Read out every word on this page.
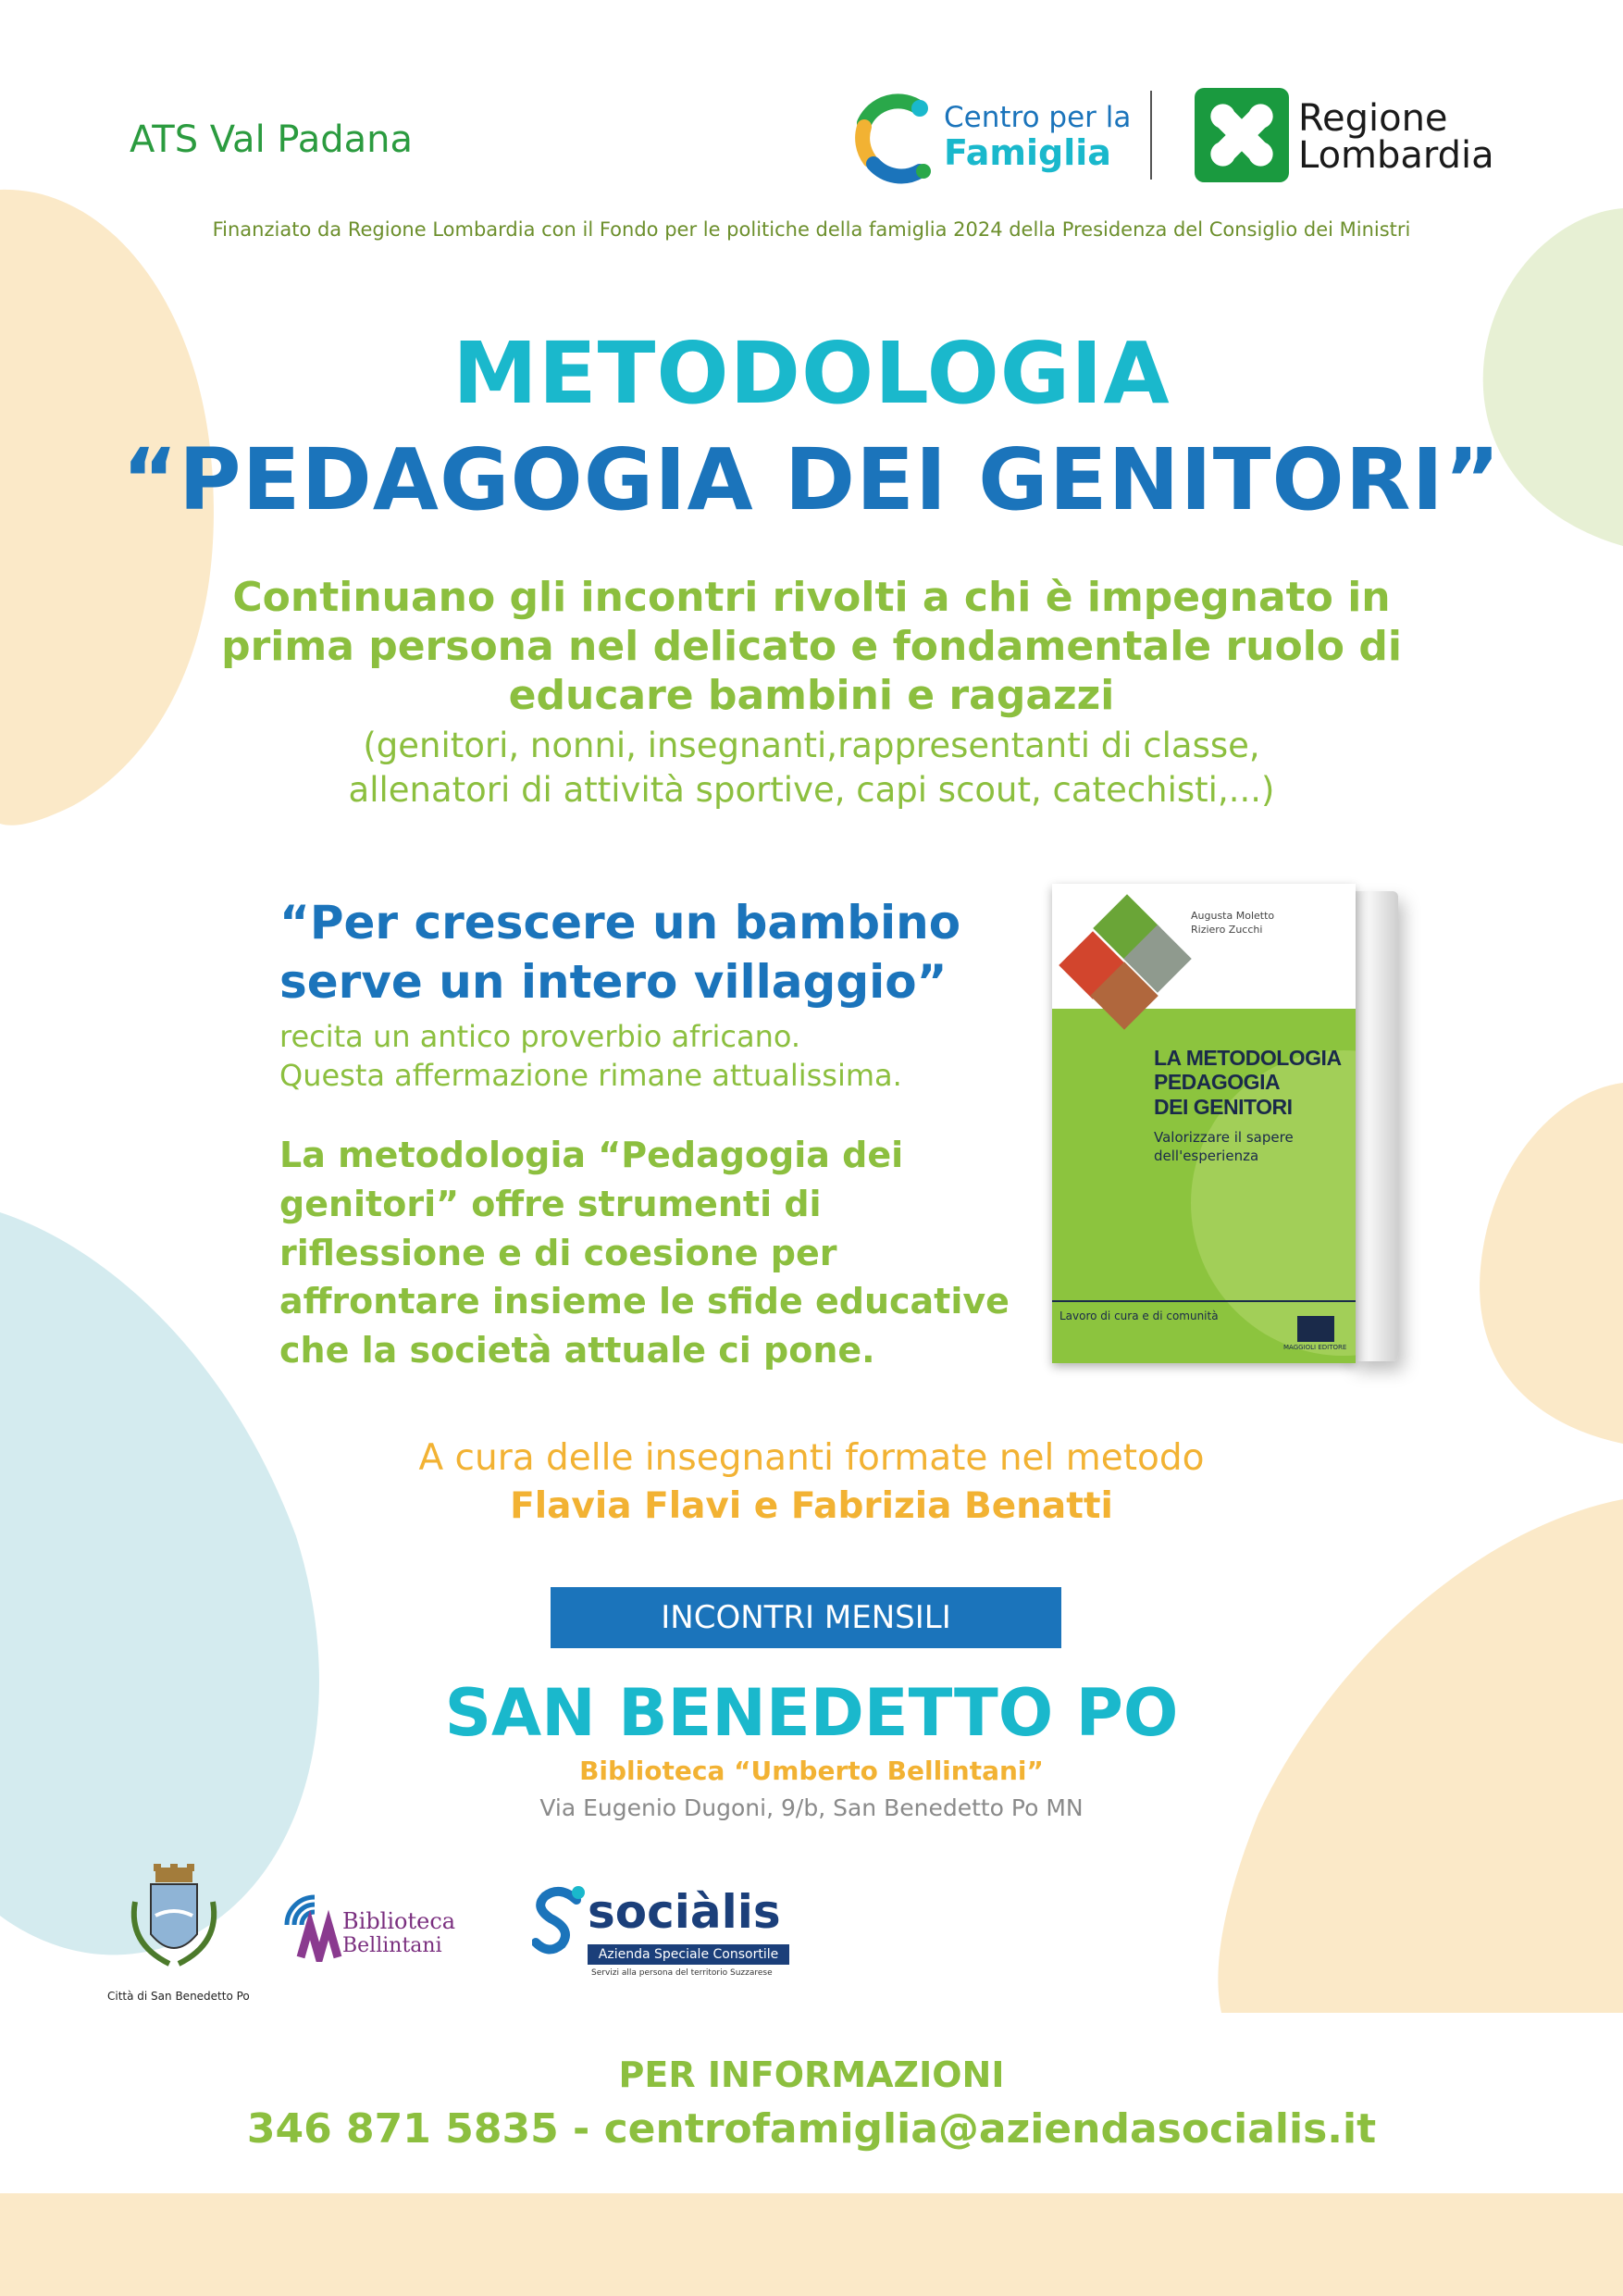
ATS Val Padana
Centro per la
Famiglia
Regione
Lombardia
Finanziato da Regione Lombardia con il Fondo per le politiche della famiglia 2024 della Presidenza del Consiglio dei Ministri
METODOLOGIA
“PEDAGOGIA DEI GENITORI”
Continuano gli incontri rivolti a chi è impegnato in
prima persona nel delicato e fondamentale ruolo di
educare bambini e ragazzi
(genitori, nonni, insegnanti,rappresentanti di classe,
allenatori di attività sportive, capi scout, catechisti,...)
“Per crescere un bambino
serve un intero villaggio”
recita un antico proverbio africano.
Questa affermazione rimane attualissima.
La metodologia “Pedagogia dei
genitori” offre strumenti di
riflessione e di coesione per
affrontare insieme le sfide educative
che la società attuale ci pone.
Augusta Moletto
Riziero Zucchi
LA METODOLOGIA
PEDAGOGIA
DEI GENITORI
Valorizzare il sapere
dell'esperienza
Lavoro di cura e di comunità
MAGGIOLI EDITORE
A cura delle insegnanti formate nel metodo
Flavia Flavi e Fabrizia Benatti
INCONTRI MENSILI
SAN BENEDETTO PO
Biblioteca “Umberto Bellintani”
Via Eugenio Dugoni, 9/b, San Benedetto Po MN
Città di San Benedetto Po
Biblioteca
Bellintani
sociàlis
Azienda Speciale Consortile
Servizi alla persona del territorio Suzzarese
PER INFORMAZIONI
346 871 5835 - centrofamiglia@aziendasocialis.it
